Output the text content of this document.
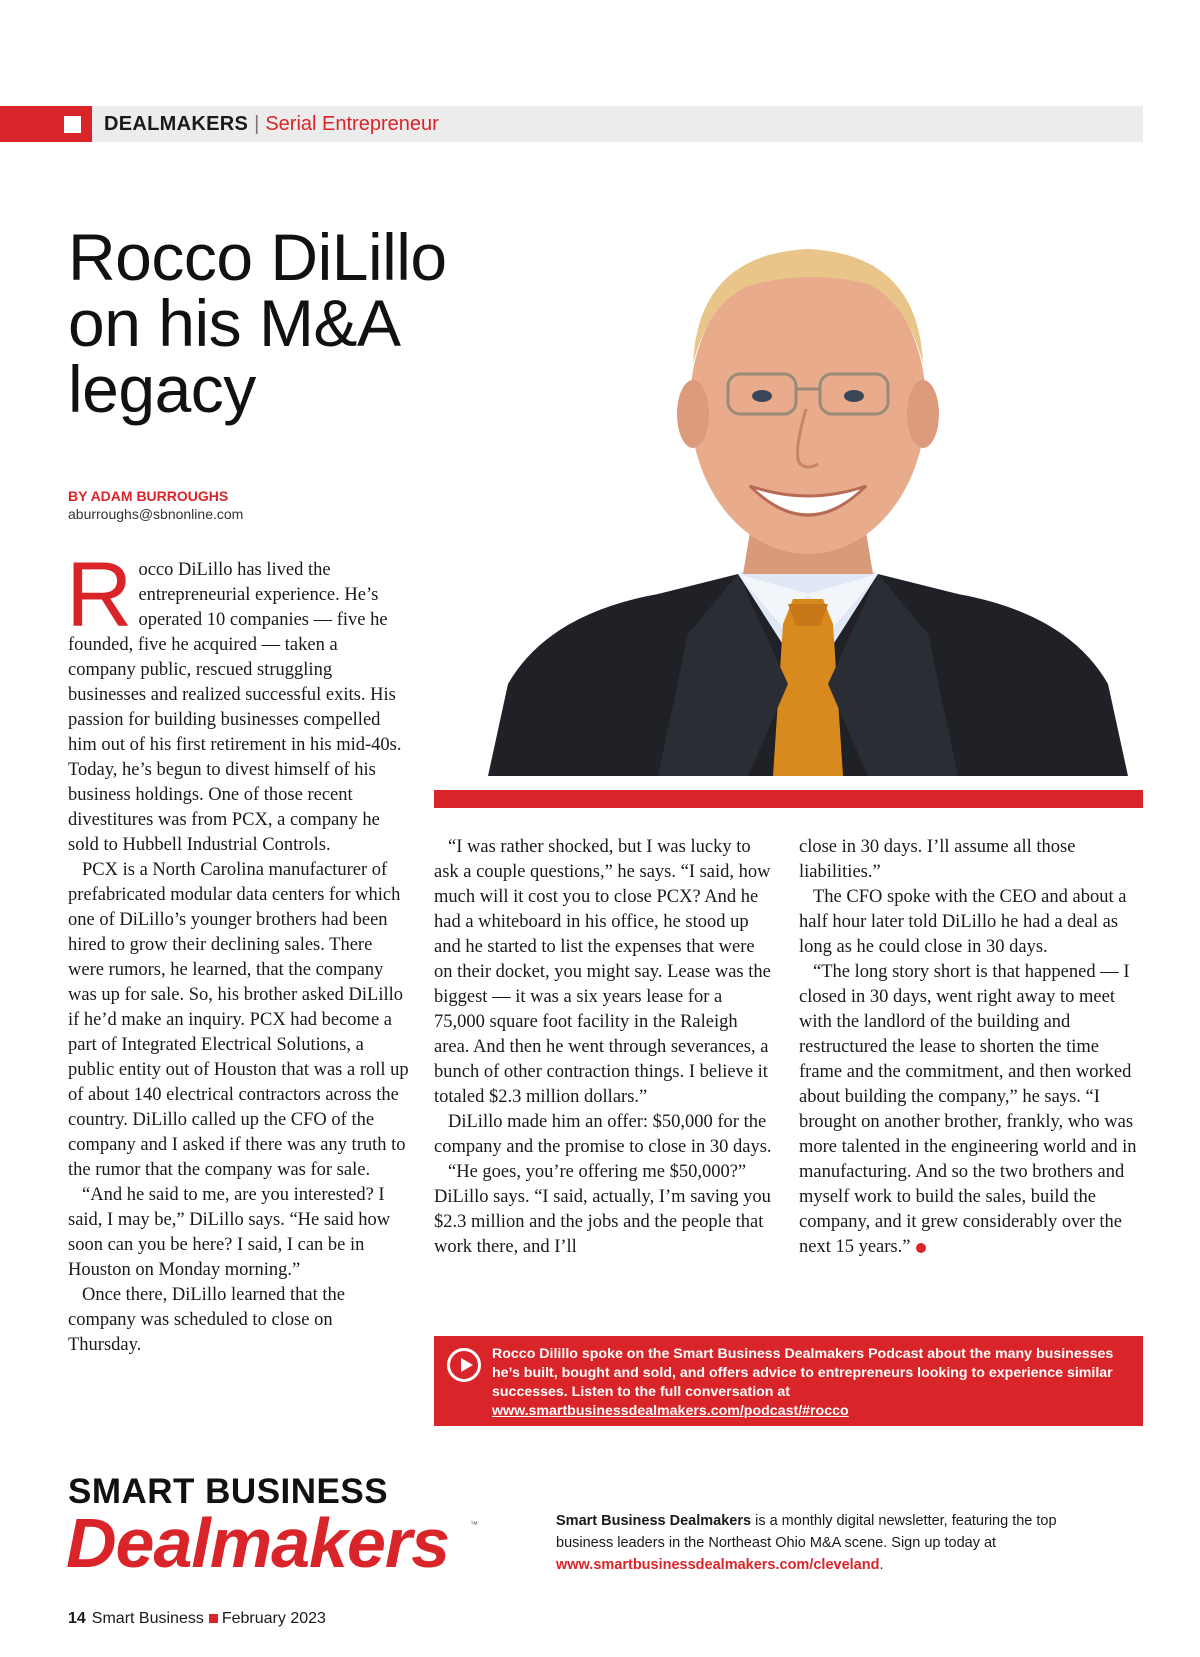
DEALMAKERS | Serial Entrepreneur
Rocco DiLillo
on his M&A
legacy
BY ADAM BURROUGHS
aburroughs@sbnonline.com

Rocco DiLillo has lived the entrepreneurial experience. He’s operated 10 companies — five he founded, five he acquired — taken a company public, rescued struggling businesses and realized successful exits. His passion for building businesses compelled him out of his first retirement in his mid-40s. Today, he’s begun to divest himself of his business holdings. One of those recent divestitures was from PCX, a company he sold to Hubbell Industrial Controls.

PCX is a North Carolina manufacturer of prefabricated modular data centers for which one of DiLillo’s younger brothers had been hired to grow their declining sales. There were rumors, he learned, that the company was up for sale. So, his brother asked DiLillo if he’d make an inquiry. PCX had become a part of Integrated Electrical Solutions, a public entity out of Houston that was a roll up of about 140 electrical contractors across the country. DiLillo called up the CFO of the company and I asked if there was any truth to the rumor that the company was for sale.

“And he said to me, are you interested? I said, I may be,” DiLillo says. “He said how soon can you be here? I said, I can be in Houston on Monday morning.”

Once there, DiLillo learned that the company was scheduled to close on Thursday.

“I was rather shocked, but I was lucky to ask a couple questions,” he says. “I said, how much will it cost you to close PCX? And he had a whiteboard in his office, he stood up and he started to list the expenses that were on their docket, you might say. Lease was the biggest — it was a six years lease for a 75,000 square foot facility in the Raleigh area. And then he went through severances, a bunch of other contraction things. I believe it totaled $2.3 million dollars.”

DiLillo made him an offer: $50,000 for the company and the promise to close in 30 days.

“He goes, you’re offering me $50,000?” DiLillo says. “I said, actually, I’m saving you $2.3 million and the jobs and the people that work there, and I’ll

close in 30 days. I’ll assume all those liabilities.”

The CFO spoke with the CEO and about a half hour later told DiLillo he had a deal as long as he could close in 30 days.

“The long story short is that happened — I closed in 30 days, went right away to meet with the landlord of the building and restructured the lease to shorten the time frame and the commitment, and then worked about building the company,” he says. “I brought on another brother, frankly, who was more talented in the engineering world and in manufacturing. And so the two brothers and myself work to build the sales, build the company, and it grew considerably over the next 15 years.”

Rocco Dilillo spoke on the Smart Business Dealmakers Podcast about the many businesses he’s built, bought and sold, and offers advice to entrepreneurs looking to experience similar successes. Listen to the full conversation at www.smartbusinessdealmakers.com/podcast/#rocco
SMART BUSINESS
Dealmakers	™	Smart Business Dealmakers is a monthly digital newsletter, featuring the top business leaders in the Northeast Ohio M&A scene. Sign up today at www.smartbusinessdealmakers.com/cleveland.
14 Smart Business February 2023
